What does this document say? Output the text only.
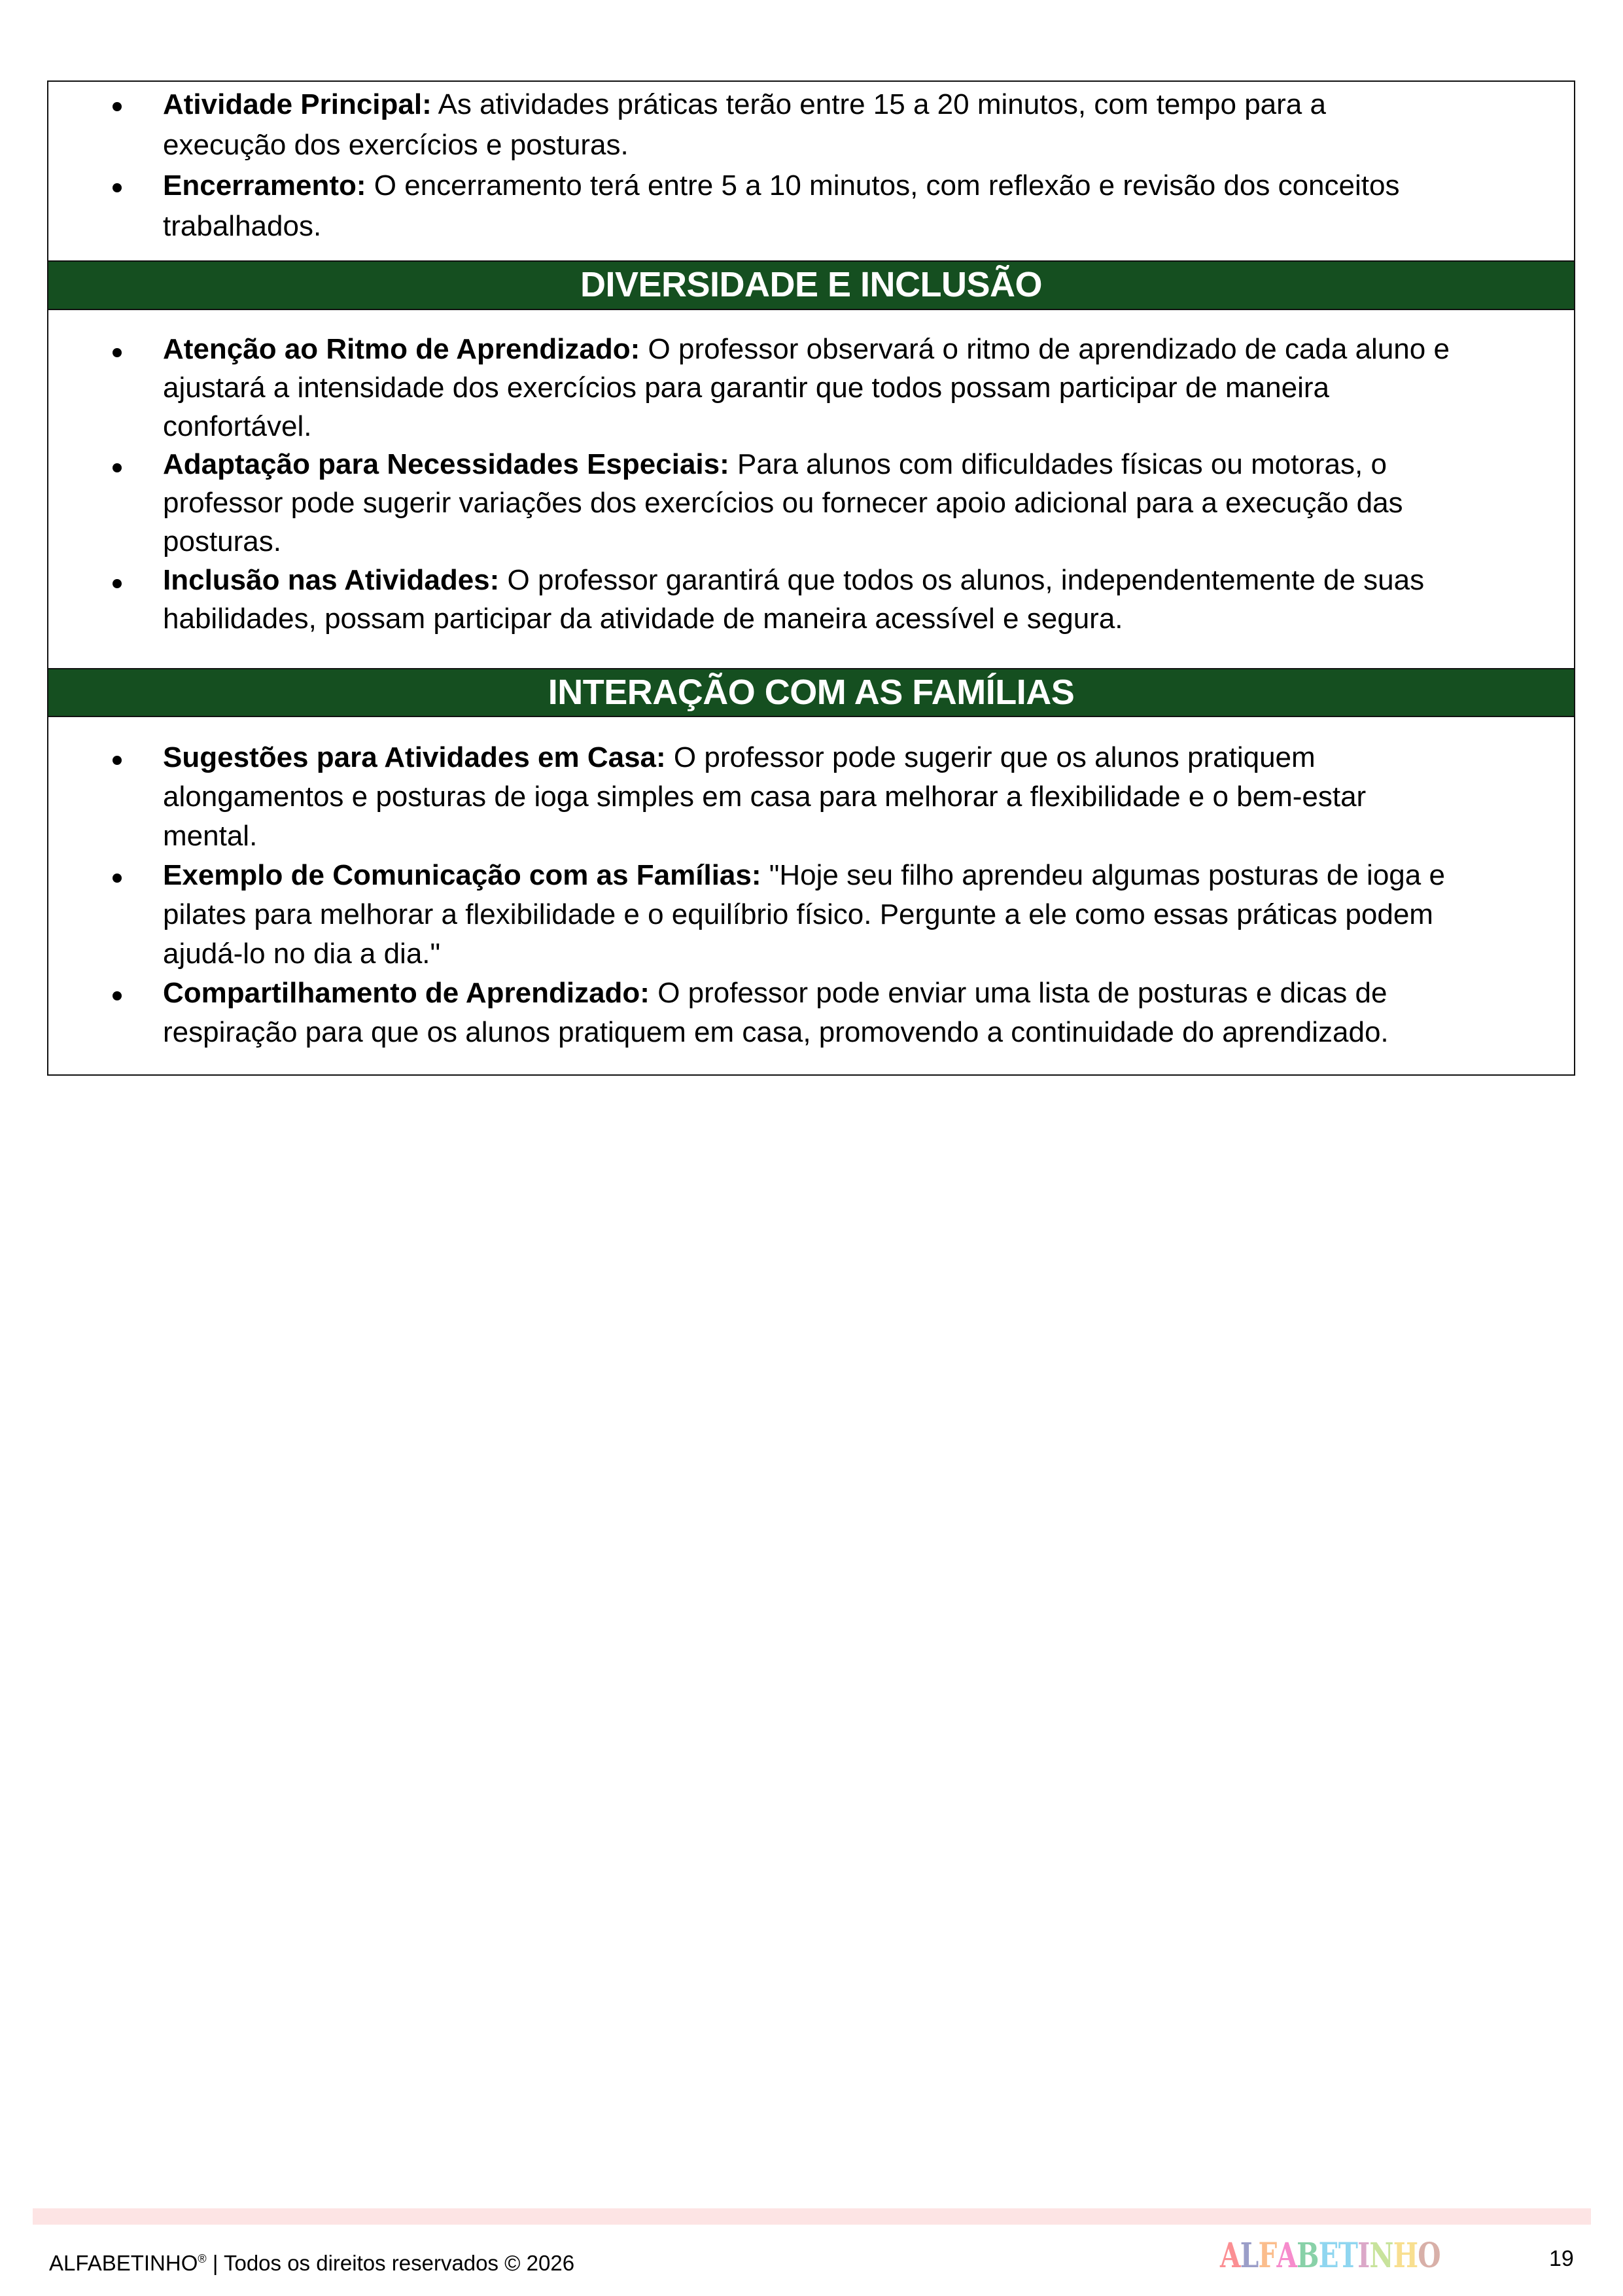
Atividade Principal: As atividades práticas terão entre 15 a 20 minutos, com tempo para a
execução dos exercícios e posturas.
Encerramento: O encerramento terá entre 5 a 10 minutos, com reflexão e revisão dos conceitos
trabalhados.
DIVERSIDADE E INCLUSÃO
Atenção ao Ritmo de Aprendizado: O professor observará o ritmo de aprendizado de cada aluno e
ajustará a intensidade dos exercícios para garantir que todos possam participar de maneira
confortável.
Adaptação para Necessidades Especiais: Para alunos com dificuldades físicas ou motoras, o
professor pode sugerir variações dos exercícios ou fornecer apoio adicional para a execução das
posturas.
Inclusão nas Atividades: O professor garantirá que todos os alunos, independentemente de suas
habilidades, possam participar da atividade de maneira acessível e segura.
INTERAÇÃO COM AS FAMÍLIAS
Sugestões para Atividades em Casa: O professor pode sugerir que os alunos pratiquem
alongamentos e posturas de ioga simples em casa para melhorar a flexibilidade e o bem-estar
mental.
Exemplo de Comunicação com as Famílias: "Hoje seu filho aprendeu algumas posturas de ioga e
pilates para melhorar a flexibilidade e o equilíbrio físico. Pergunte a ele como essas práticas podem
ajudá-lo no dia a dia."
Compartilhamento de Aprendizado: O professor pode enviar uma lista de posturas e dicas de
respiração para que os alunos pratiquem em casa, promovendo a continuidade do aprendizado.
ALFABETINHO® | Todos os direitos reservados © 2026	ALFABETINHO	19
